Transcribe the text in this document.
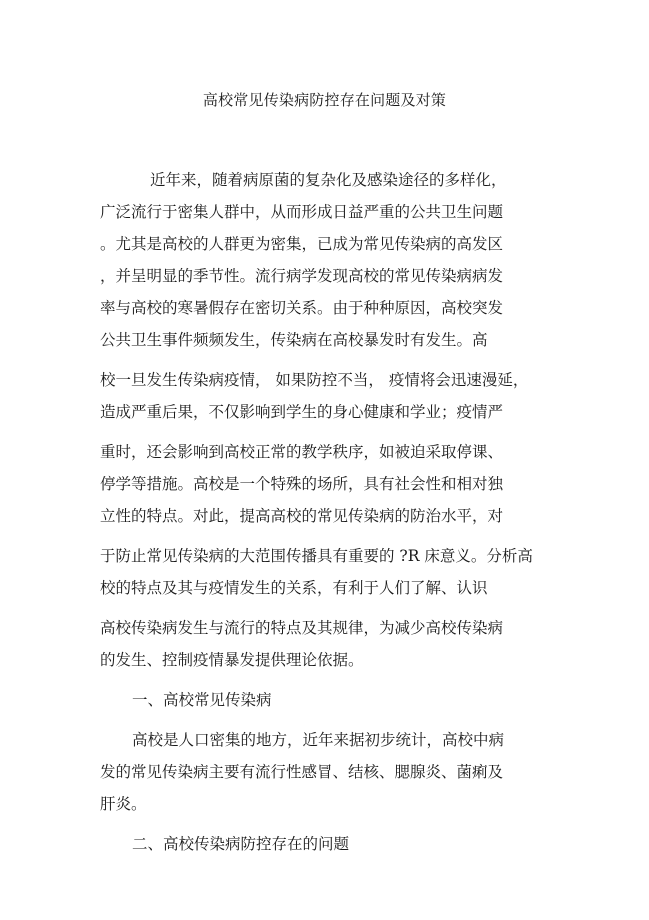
高校常见传染病防控存在问题及对策
近年来，随着病原菌的复杂化及感染途径的多样化，
广泛流行于密集人群中，从而形成日益严重的公共卫生问题
。尤其是高校的人群更为密集，已成为常见传染病的高发区
，并呈明显的季节性。流行病学发现高校的常见传染病病发
率与高校的寒暑假存在密切关系。由于种种原因，高校突发
公共卫生事件频频发生，传染病在高校暴发时有发生。高
校一旦发生传染病疫情， 如果防控不当， 疫情将会迅速漫延，
造成严重后果，不仅影响到学生的身心健康和学业；疫情严
重时，还会影响到高校正常的教学秩序，如被迫采取停课、
停学等措施。高校是一个特殊的场所，具有社会性和相对独
立性的特点。对此，提高高校的常见传染病的防治水平，对
于防止常见传染病的大范围传播具有重要的 ?R 床意义。分析高
校的特点及其与疫情发生的关系，有利于人们了解、认识
高校传染病发生与流行的特点及其规律，为减少高校传染病
的发生、控制疫情暴发提供理论依据。
一、高校常见传染病
高校是人口密集的地方，近年来据初步统计，高校中病
发的常见传染病主要有流行性感冒、结核、腮腺炎、菌痢及
肝炎。
二、高校传染病防控存在的问题
